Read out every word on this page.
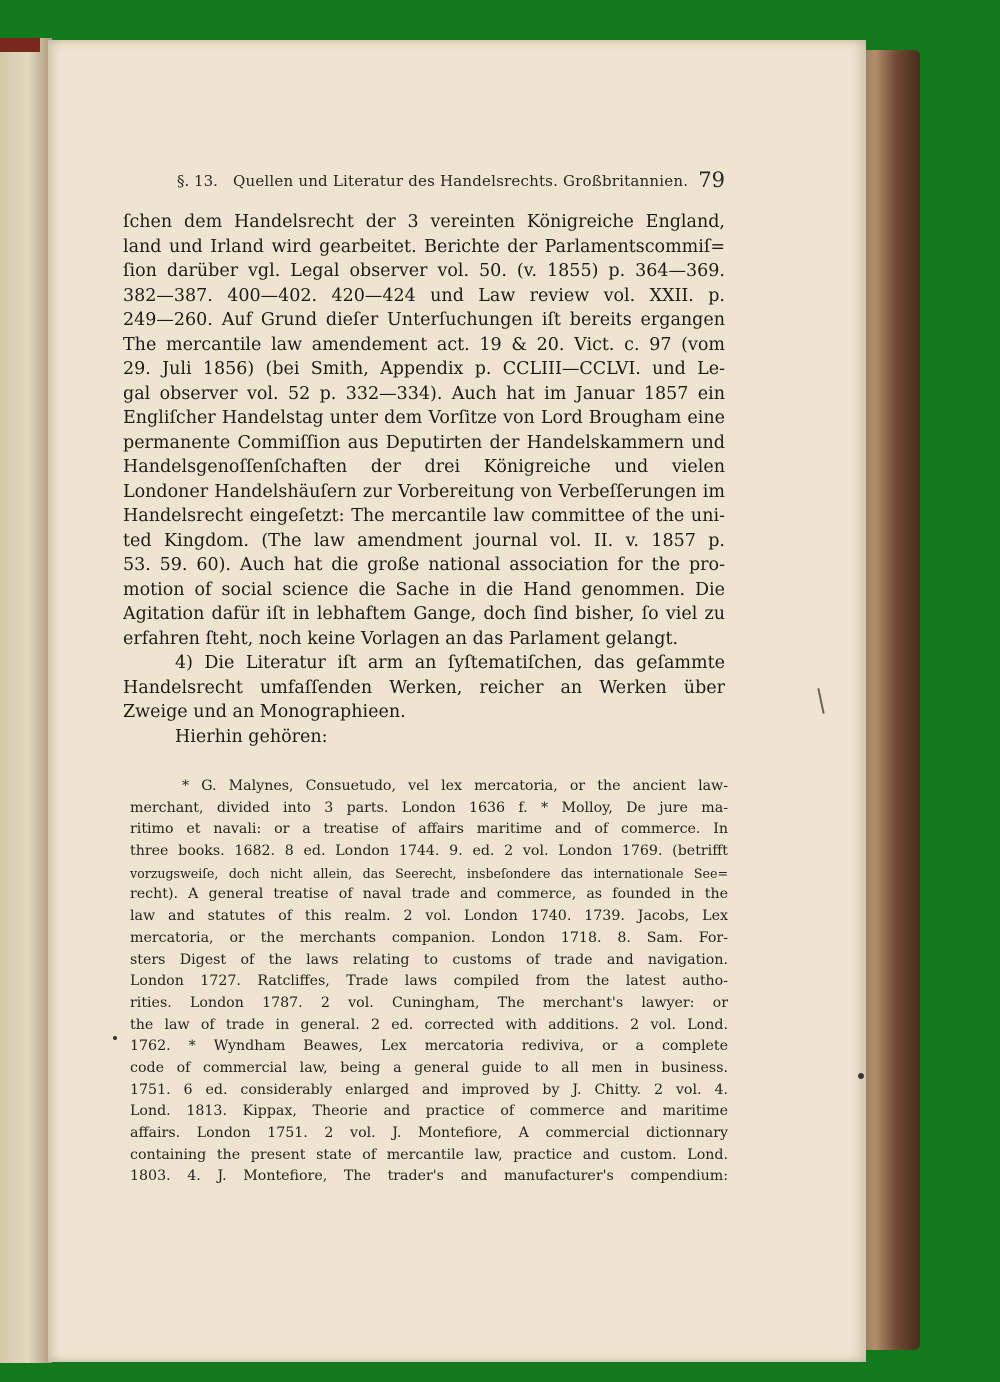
§. 13. Quellen und Literatur des Handelsrechts. Großbritannien. 79
ſchen dem Handelsrecht der 3 vereinten Königreiche England,
land und Irland wird gearbeitet. Berichte der Parlamentscommiſ=
ſion darüber vgl. Legal observer vol. 50. (v. 1855) p. 364—369.
382—387. 400—402. 420—424 und Law review vol. XXII. p.
249—260. Auf Grund dieſer Unterſuchungen iſt bereits ergangen
The mercantile law amendement act. 19 & 20. Vict. c. 97 (vom
29. Juli 1856) (bei Smith, Appendix p. CCLIII—CCLVI. und Le-
gal observer vol. 52 p. 332—334). Auch hat im Januar 1857 ein
Engliſcher Handelstag unter dem Vorſitze von Lord Brougham eine
permanente Commiſſion aus Deputirten der Handelskammern und
Handelsgenoſſenſchaften der drei Königreiche und vielen
Londoner Handelshäuſern zur Vorbereitung von Verbeſſerungen im
Handelsrecht eingeſetzt: The mercantile law committee of the uni-
ted Kingdom. (The law amendment journal vol. II. v. 1857 p.
53. 59. 60). Auch hat die große national association for the pro-
motion of social science die Sache in die Hand genommen. Die
Agitation dafür iſt in lebhaftem Gange, doch ſind bisher, ſo viel zu
erfahren ſteht, noch keine Vorlagen an das Parlament gelangt.
4) Die Literatur iſt arm an ſyſtematiſchen, das geſammte
Handelsrecht umfaſſenden Werken, reicher an Werken über
Zweige und an Monographieen.
Hierhin gehören:
* G. Malynes, Consuetudo, vel lex mercatoria, or the ancient law-
merchant, divided into 3 parts. London 1636 f. * Molloy, De jure ma-
ritimo et navali: or a treatise of affairs maritime and of commerce. In
three books. 1682. 8 ed. London 1744. 9. ed. 2 vol. London 1769. (betrifft
vorzugsweiſe, doch nicht allein, das Seerecht, insbeſondere das internationale See=
recht). A general treatise of naval trade and commerce, as founded in the
law and statutes of this realm. 2 vol. London 1740. 1739. Jacobs, Lex
mercatoria, or the merchants companion. London 1718. 8. Sam. For-
sters Digest of the laws relating to customs of trade and navigation.
London 1727. Ratcliffes, Trade laws compiled from the latest autho-
rities. London 1787. 2 vol. Cuningham, The merchant's lawyer: or
the law of trade in general. 2 ed. corrected with additions. 2 vol. Lond.
1762. * Wyndham Beawes, Lex mercatoria rediviva, or a complete
code of commercial law, being a general guide to all men in business.
1751. 6 ed. considerably enlarged and improved by J. Chitty. 2 vol. 4.
Lond. 1813. Kippax, Theorie and practice of commerce and maritime
affairs. London 1751. 2 vol. J. Montefiore, A commercial dictionnary
containing the present state of mercantile law, practice and custom. Lond.
1803. 4. J. Montefiore, The trader's and manufacturer's compendium:
